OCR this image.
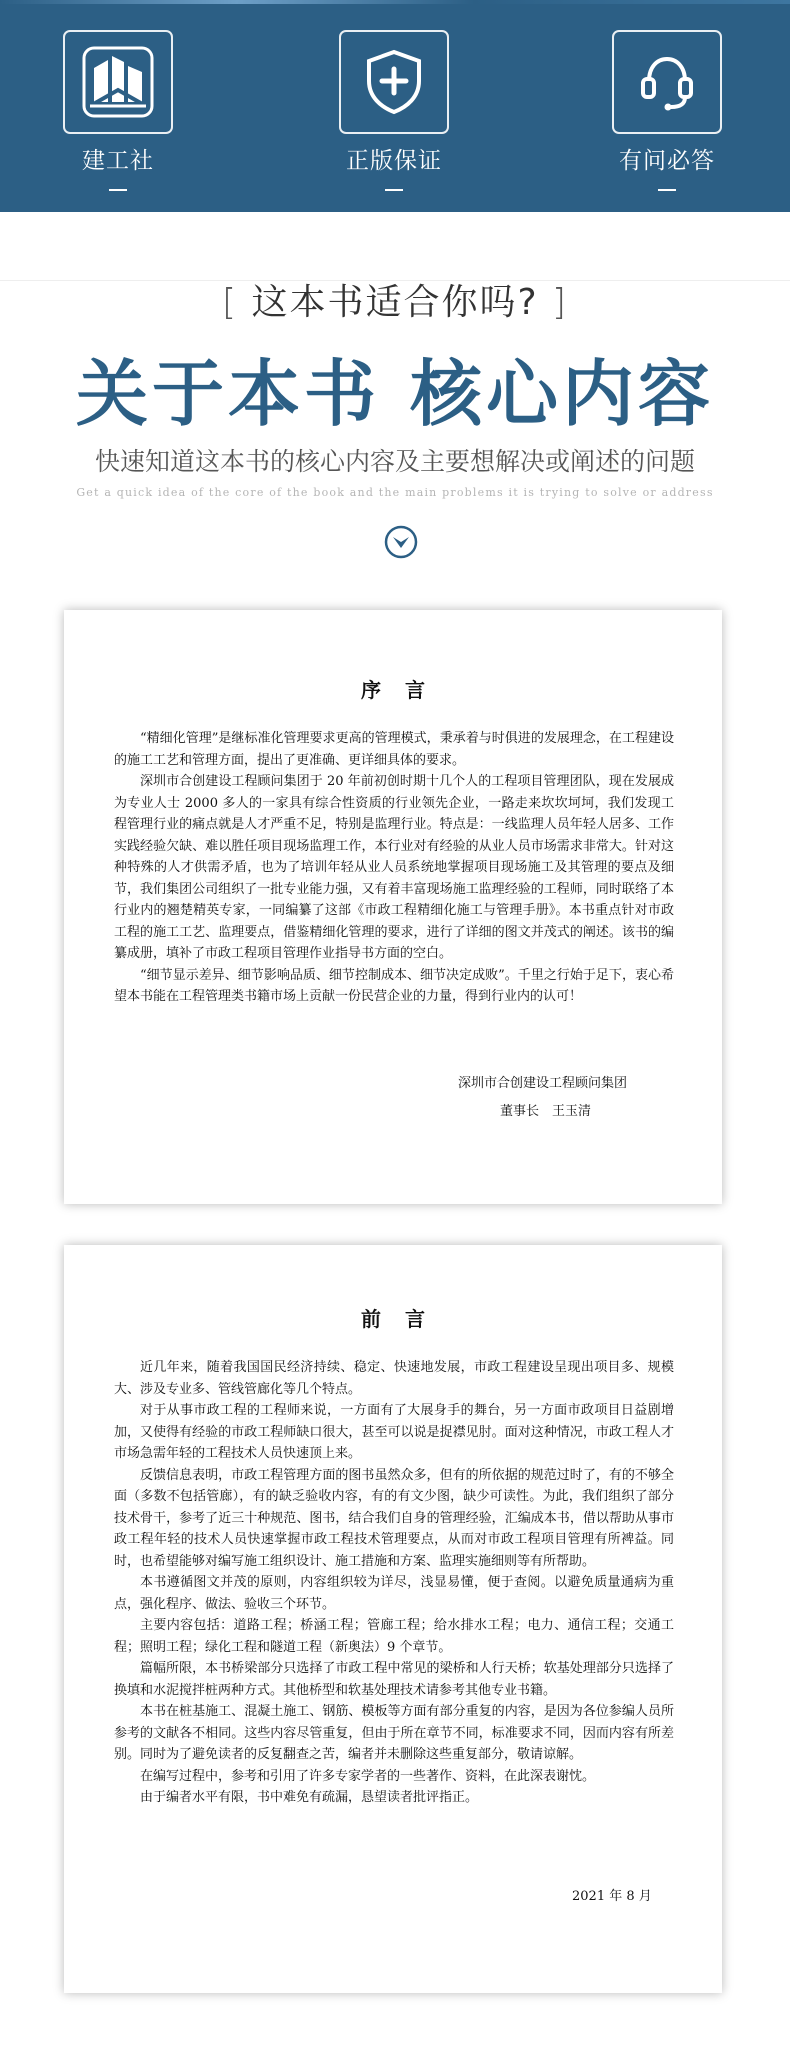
建工社	正版保证	有问必答
[ 这本书适合你吗? ]
关于本书 核心内容
快速知道这本书的核心内容及主要想解决或阐述的问题
Get a quick idea of the core of the book and the main problems it is trying to solve or address
序言

“精细化管理”是继标准化管理要求更高的管理模式，秉承着与时俱进的发展理念，在工程建设的施工工艺和管理方面，提出了更准确、更详细具体的要求。

深圳市合创建设工程顾问集团于 20 年前初创时期十几个人的工程项目管理团队，现在发展成为专业人士 2000 多人的一家具有综合性资质的行业领先企业，一路走来坎坎坷坷，我们发现工程管理行业的痛点就是人才严重不足，特别是监理行业。特点是：一线监理人员年轻人居多、工作实践经验欠缺、难以胜任项目现场监理工作，本行业对有经验的从业人员市场需求非常大。针对这种特殊的人才供需矛盾，也为了培训年轻从业人员系统地掌握项目现场施工及其管理的要点及细节，我们集团公司组织了一批专业能力强，又有着丰富现场施工监理经验的工程师，同时联络了本行业内的翘楚精英专家，一同编纂了这部《市政工程精细化施工与管理手册》。本书重点针对市政工程的施工工艺、监理要点，借鉴精细化管理的要求，进行了详细的图文并茂式的阐述。该书的编纂成册，填补了市政工程项目管理作业指导书方面的空白。

“细节显示差异、细节影响品质、细节控制成本、细节决定成败”。千里之行始于足下，衷心希望本书能在工程管理类书籍市场上贡献一份民营企业的力量，得到行业内的认可！

深圳市合创建设工程顾问集团
董事长　王玉清
前言

近几年来，随着我国国民经济持续、稳定、快速地发展，市政工程建设呈现出项目多、规模大、涉及专业多、管线管廊化等几个特点。

对于从事市政工程的工程师来说，一方面有了大展身手的舞台，另一方面市政项目日益剧增加，又使得有经验的市政工程师缺口很大，甚至可以说是捉襟见肘。面对这种情况，市政工程人才市场急需年轻的工程技术人员快速顶上来。

反馈信息表明，市政工程管理方面的图书虽然众多，但有的所依据的规范过时了，有的不够全面（多数不包括管廊），有的缺乏验收内容，有的有文少图，缺少可读性。为此，我们组织了部分技术骨干，参考了近三十种规范、图书，结合我们自身的管理经验，汇编成本书，借以帮助从事市政工程年轻的技术人员快速掌握市政工程技术管理要点，从而对市政工程项目管理有所裨益。同时，也希望能够对编写施工组织设计、施工措施和方案、监理实施细则等有所帮助。

本书遵循图文并茂的原则，内容组织较为详尽，浅显易懂，便于查阅。以避免质量通病为重点，强化程序、做法、验收三个环节。

主要内容包括：道路工程；桥涵工程；管廊工程；给水排水工程；电力、通信工程；交通工程；照明工程；绿化工程和隧道工程（新奥法）9 个章节。

篇幅所限，本书桥梁部分只选择了市政工程中常见的梁桥和人行天桥；软基处理部分只选择了换填和水泥搅拌桩两种方式。其他桥型和软基处理技术请参考其他专业书籍。

本书在桩基施工、混凝土施工、钢筋、模板等方面有部分重复的内容，是因为各位参编人员所参考的文献各不相同。这些内容尽管重复，但由于所在章节不同，标准要求不同，因而内容有所差别。同时为了避免读者的反复翻查之苦，编者并未删除这些重复部分，敬请谅解。

在编写过程中，参考和引用了许多专家学者的一些著作、资料，在此深表谢忱。

由于编者水平有限，书中难免有疏漏，恳望读者批评指正。

2021 年 8 月
